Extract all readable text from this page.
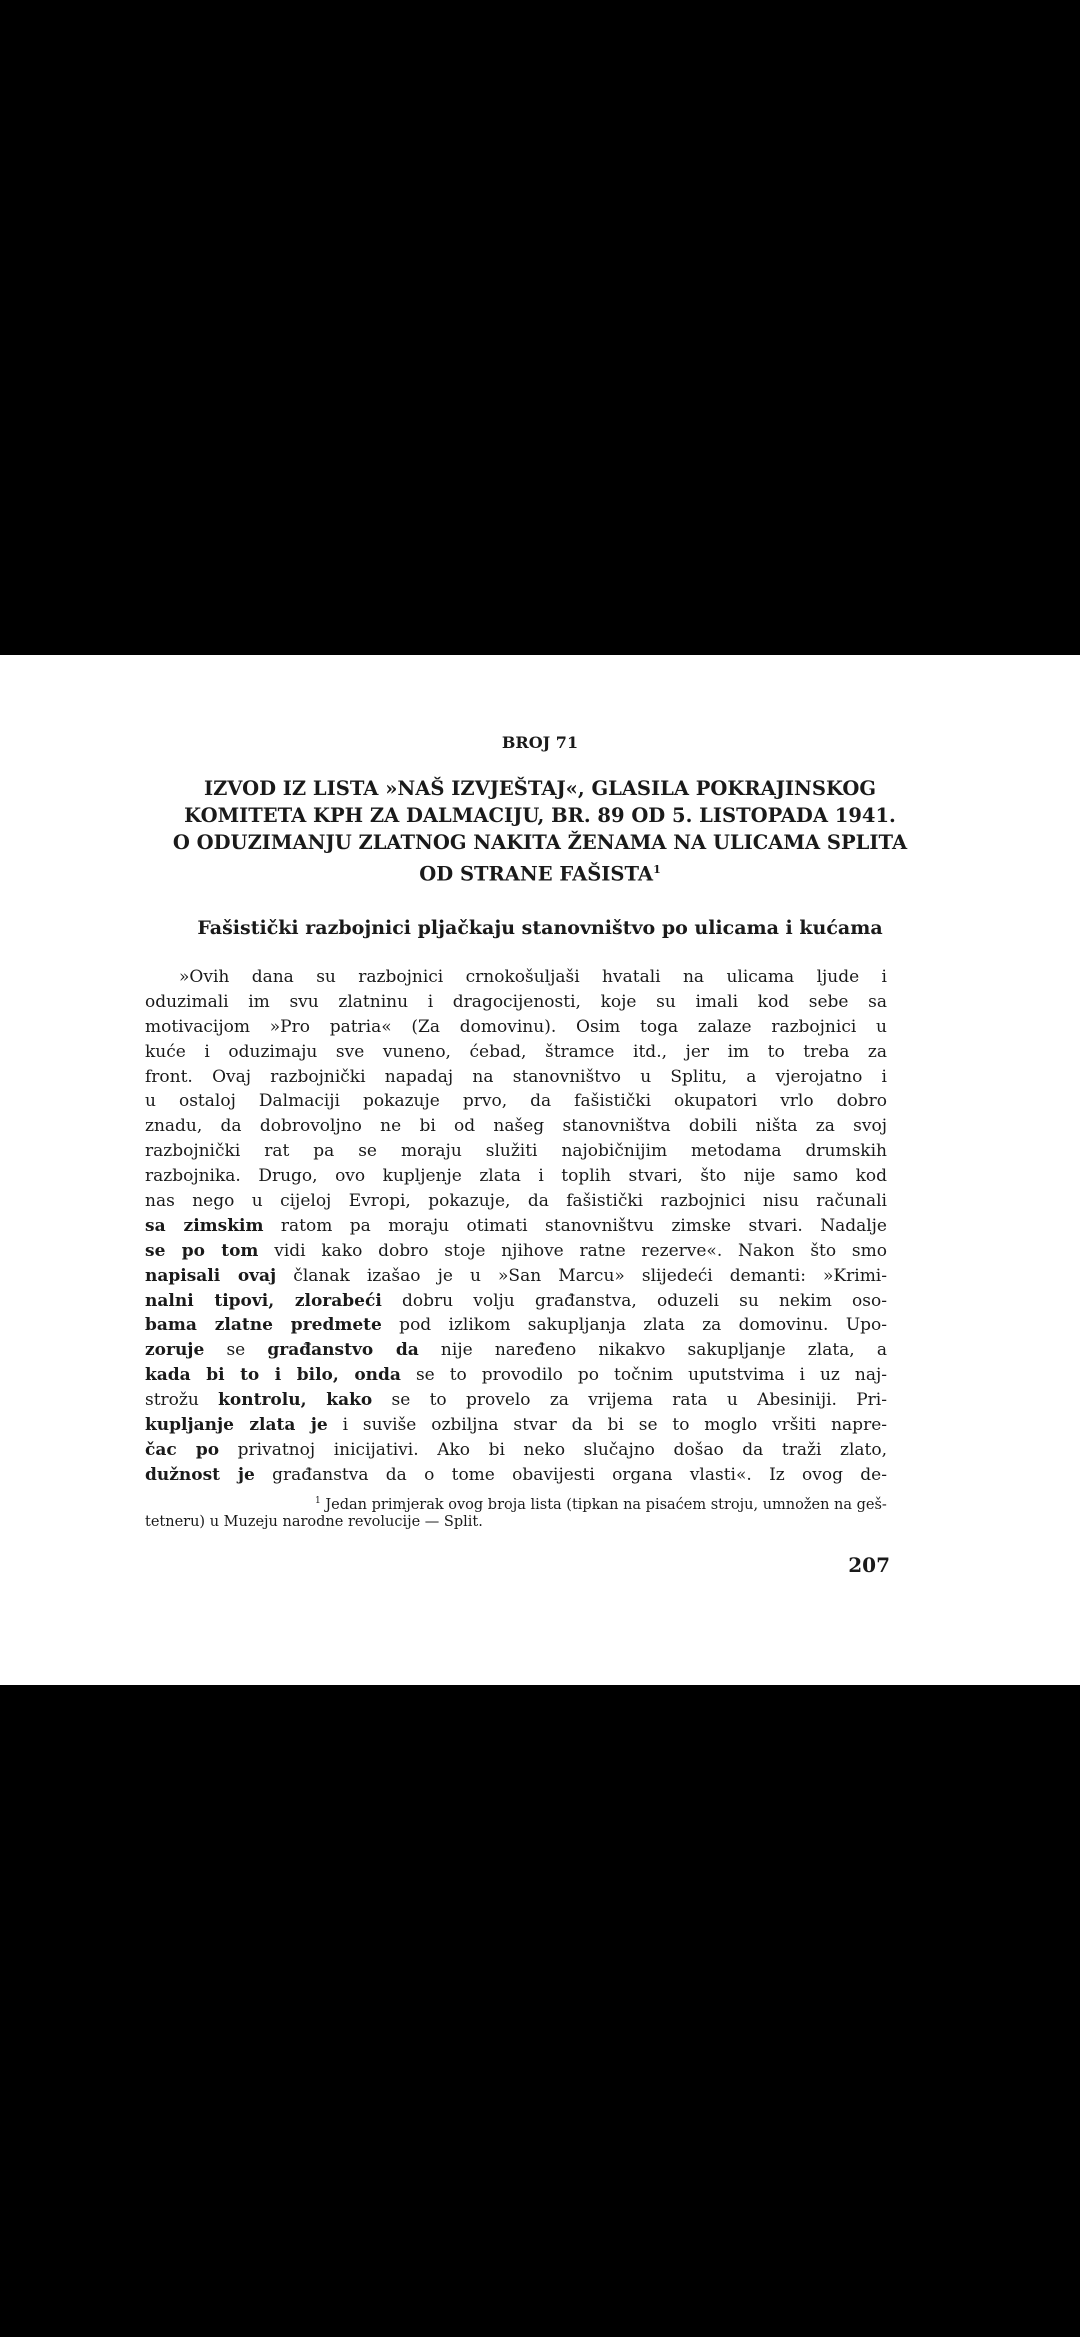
BROJ 71
IZVOD IZ LISTA »NAŠ IZVJEŠTAJ«, GLASILA POKRAJINSKOG
KOMITETA KPH ZA DALMACIJU, BR. 89 OD 5. LISTOPADA 1941.
O ODUZIMANJU ZLATNOG NAKITA ŽENAMA NA ULICAMA SPLITA
OD STRANE FAŠISTA$^1$
Fašistički razbojnici pljačkaju stanovništvo po ulicama i kućama
»Ovih dana su razbojnici crnokošuljaši hvatali na ulicama ljude i
oduzimali im svu zlatninu i dragocijenosti, koje su imali kod sebe sa
motivacijom »Pro patria« (Za domovinu). Osim toga zalaze razbojnici u
kuće i oduzimaju sve vuneno, ćebad, štramce itd., jer im to treba za
front. Ovaj razbojnički napadaj na stanovništvo u Splitu, a vjerojatno i
u ostaloj Dalmaciji pokazuje prvo, da fašistički okupatori vrlo dobro
znadu, da dobrovoljno ne bi od našeg stanovništva dobili ništa za svoj
razbojnički rat pa se moraju služiti najobičnijim metodama drumskih
razbojnika. Drugo, ovo kupljenje zlata i toplih stvari, što nije samo kod
nas nego u cijeloj Evropi, pokazuje, da fašistički razbojnici nisu računali
sa zimskim ratom pa moraju otimati stanovništvu zimske stvari. Nadalje
se po tom vidi kako dobro stoje njihove ratne rezerve«. Nakon što smo
napisali ovaj članak izašao je u »San Marcu» slijedeći demanti: »Krimi-
nalni tipovi, zlorabeći dobru volju građanstva, oduzeli su nekim oso-
bama zlatne predmete pod izlikom sakupljanja zlata za domovinu. Upo-
zoruje se građanstvo da nije naređeno nikakvo sakupljanje zlata, a
kada bi to i bilo, onda se to provodilo po točnim uputstvima i uz naj-
strožu kontrolu, kako se to provelo za vrijema rata u Abesiniji. Pri-
kupljanje zlata je i suviše ozbiljna stvar da bi se to moglo vršiti napre-
čac po privatnoj inicijativi. Ako bi neko slučajno došao da traži zlato,
dužnost je građanstva da o tome obavijesti organa vlasti«. Iz ovog de-
$^1$ Jedan primjerak ovog broja lista (tipkan na pisaćem stroju, umnožen na geš-
tetneru) u Muzeju narodne revolucije — Split.
207
